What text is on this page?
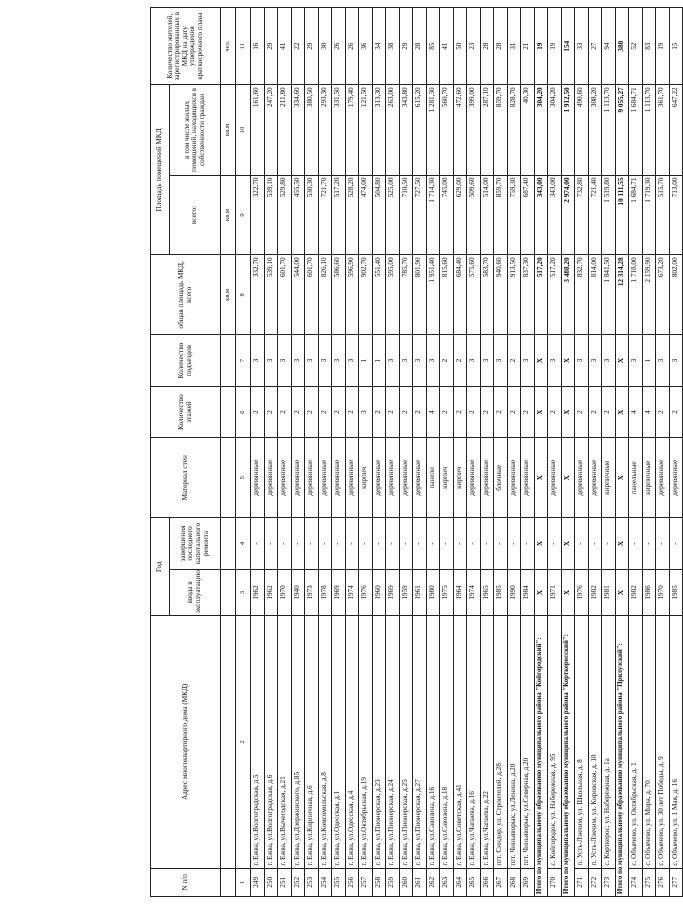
N п/п	Адрес многоквартирного дома (МКД)	Год		Материал стен	Количество этажей	Количество подъездов	общая площадь МКД, всего	Площадь помещений МКД		Количество жителей, зарегистрированных в МКД на дату утверждения краткосрочного плана
		ввода в эксплуатацию	завершения последнего капитального ремонта					всего:	в том числе жилых помещений, находящихся в собственности граждан	
							кв.м	кв.м	кв.м	чел.
1	2	3	4	5	6	7	8	9	10	11
249	г. Ежва, ул.Волгоградская, д.5	1962	-	деревянные	2	3	332,70	322,70	161,60	16
250	г. Ежва, ул.Волгоградская, д.6	1962	-	деревянные	2	3	539,10	539,10	247,20	29
251	г. Ежва, ул.Вычегодская, д.21	1970	-	деревянные	2	3	601,70	529,80	211,80	41
252	г. Ежва, ул.Дзержинского, д.85	1940	-	деревянные	2	3	544,00	455,50	334,60	22
253	г. Ежва, ул.Кирпичная, д.6	1973	-	деревянные	2	3	601,70	530,30	380,50	29
254	г. Ежва, ул.Комсомольская, д.8	1978	-	деревянные	2	3	826,10	721,70	293,30	30
255	г. Ежва, ул.Одесская, д.1	1969	-	деревянные	2	3	586,60	517,20	331,50	26
256	г. Ежва, ул.Одесская, д.4	1974	-	деревянные	2	3	596,90	528,20	179,40	26
257	г. Ежва, ул.Октябрьская, д.19	1976	-	кирпич	3	1	902,70	474,00	121,50	36
258	г. Ежва, ул.Пионерская, д.23	1960	-	деревянные	2	1	551,40	504,80	313,30	34
259	г. Ежва, ул.Пионерская, д.24	1969	-	деревянные	2	3	595,00	525,00	263,00	38
260	г. Ежва, ул.Пионерская, д.25	1959	-	деревянные	2	3	785,70	710,50	343,80	29
261	г. Ежва, ул.Пионерская, д.27	1961	-	деревянные	2	3	801,90	727,50	615,20	28
262	г. Ежва, ул.Савозина, д.16	1980	-	панели	4	3	1 951,40	1 714,30	1 281,30	85
263	г. Ежва, ул.Савозина, д.18	1975	-	кирпич	2	2	815,60	745,00	560,70	41
264	г. Ежва, ул.Советская, д.41	1964	-	кирпич	2	2	684,40	629,00	472,60	50
265	г. Ежва, ул.Чапаева, д.16	1974	-	деревянные	2	3	575,60	509,60	399,00	23
266	г. Ежва, ул.Чапаева, д.22	1965	-	деревянные	2	3	583,70	514,00	287,10	28
267	пгт. Синдор, ул. Строителей, д.28	1985	-	блочные	2	3	940,60	859,70	859,70	28
268	пгт. Чиньяворык, ул.Ленина, д.20	1990	-	деревянные	2	2	913,50	759,30	828,70	31
269	пгт. Чиньяворык, ул.Северная, д.20	1984	-	деревянные	2	3	837,30	687,40	40,30	21
Итого по муниципальному образованию муниципального района "Койгородский":		X	X	X	X	X	517,20	343,00	304,20	19
270	с. Койгородок, ул. Набережная, д. 95	1971	-	деревянные	2	3	517,20	343,00	304,20	19
Итого по муниципальному образованию муниципального района "Корткеросский":		X	X	X	X	X	3 488,20	2 974,00	1 912,50	154
271	п. Усть-Лэкчим, ул. Школьная, д. 8	1976	-	деревянные	2	3	832,70	732,80	490,60	33
272	п. Усть-Лэкчим, ул. Кировская, д. 10	1982	-	деревянные	2	3	814,00	721,40	308,20	27
273	с. Корткерос, ул. Набережная, д. 1а	1981	-	кирпичные	2	3	1 841,50	1 519,80	1 113,70	94
Итого по муниципальному образованию муниципального района "Прилузский":		X	X	X	X	X	12 314,28	10 111,55	9 055,27	380
274	с. Объячево, ул. Октябрьская, д. 1	1982	-	панельные	4	3	1 718,00	1 684,71	1 684,71	52
275	с. Объячево, ул. Мира, д. 70	1986	-	кирпичные	4	1	2 159,90	1 719,30	1 113,70	83
276	с. Объячево, ул. 30 лет Победы, д. 9	1970	-	деревянные	2	3	673,20	515,70	361,70	19
277	с. Объячево, ул. 1 Мая, д. 16	1985	-	деревянные	2	3	802,00	713,00	647,22	15
